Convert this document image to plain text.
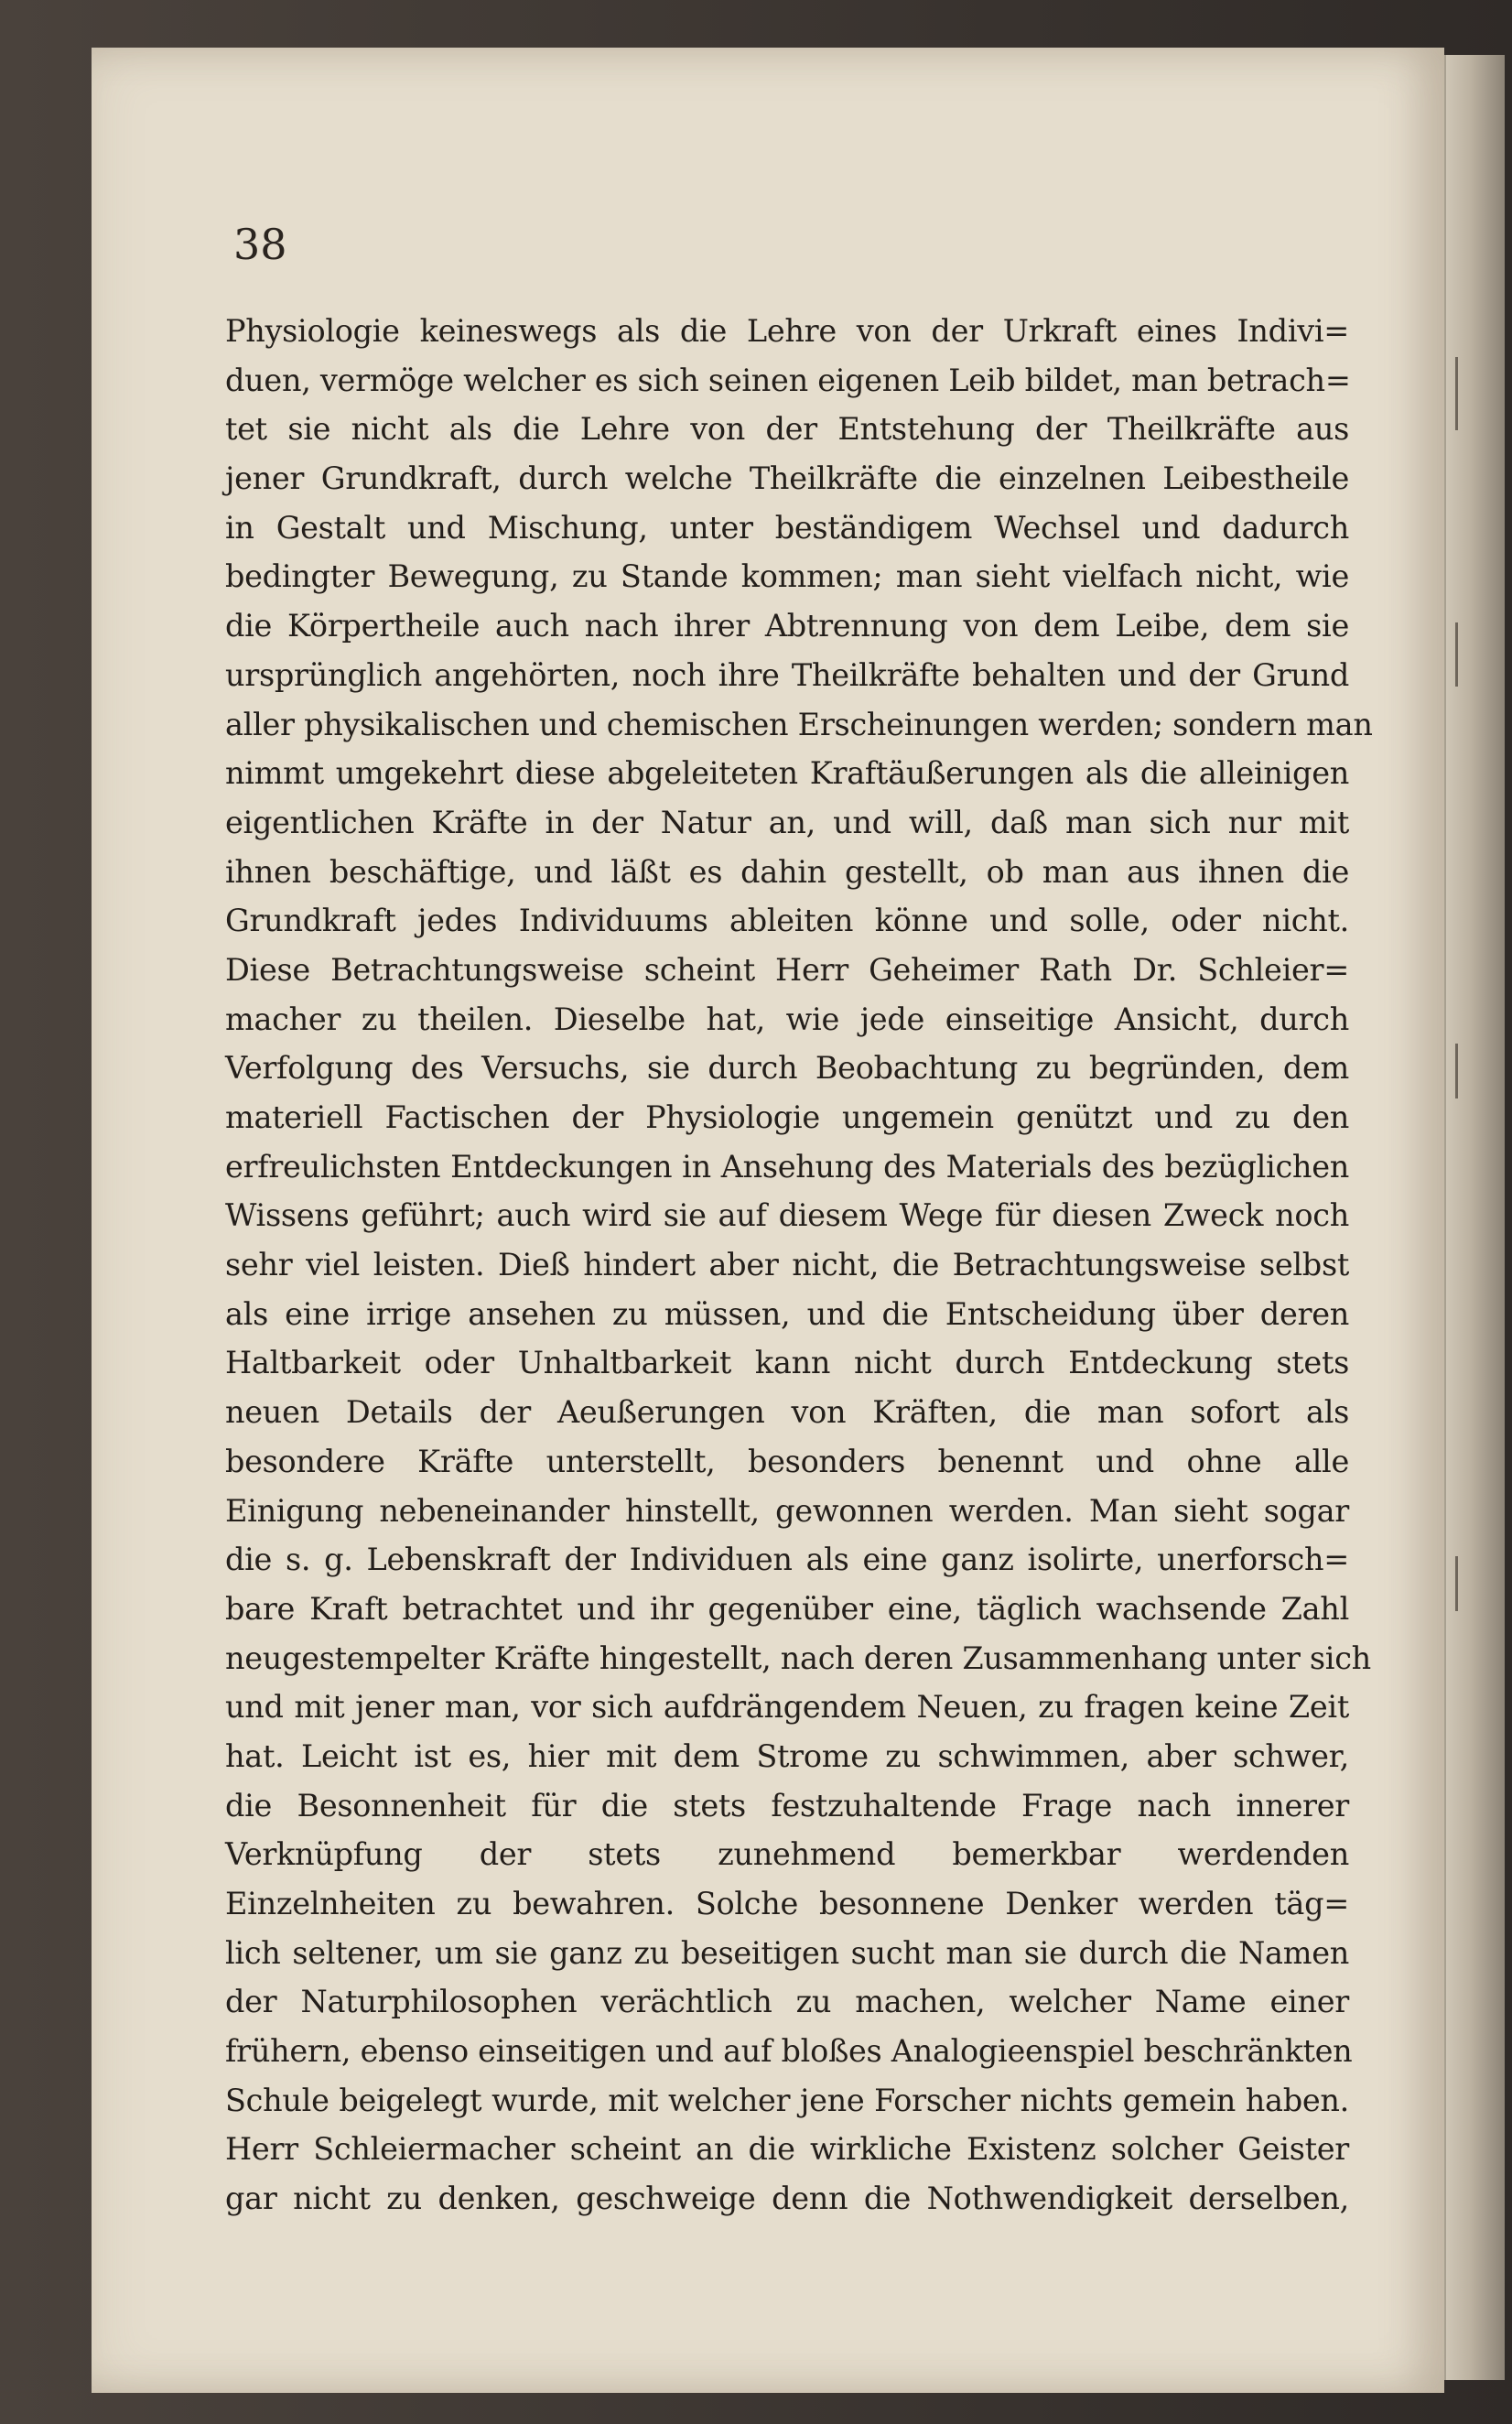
38
Physiologie keineswegs als die Lehre von der Urkraft eines Indivi=
duen, vermöge welcher es sich seinen eigenen Leib bildet, man betrach=
tet sie nicht als die Lehre von der Entstehung der Theilkräfte aus
jener Grundkraft, durch welche Theilkräfte die einzelnen Leibestheile
in Gestalt und Mischung, unter beständigem Wechsel und dadurch
bedingter Bewegung, zu Stande kommen; man sieht vielfach nicht, wie
die Körpertheile auch nach ihrer Abtrennung von dem Leibe, dem sie
ursprünglich angehörten, noch ihre Theilkräfte behalten und der Grund
aller physikalischen und chemischen Erscheinungen werden; sondern man
nimmt umgekehrt diese abgeleiteten Kraftäußerungen als die alleinigen
eigentlichen Kräfte in der Natur an, und will, daß man sich nur mit
ihnen beschäftige, und läßt es dahin gestellt, ob man aus ihnen die
Grundkraft jedes Individuums ableiten könne und solle, oder nicht.
Diese Betrachtungsweise scheint Herr Geheimer Rath Dr. Schleier=
macher zu theilen. Dieselbe hat, wie jede einseitige Ansicht, durch
Verfolgung des Versuchs, sie durch Beobachtung zu begründen, dem
materiell Factischen der Physiologie ungemein genützt und zu den
erfreulichsten Entdeckungen in Ansehung des Materials des bezüglichen
Wissens geführt; auch wird sie auf diesem Wege für diesen Zweck noch
sehr viel leisten. Dieß hindert aber nicht, die Betrachtungsweise selbst
als eine irrige ansehen zu müssen, und die Entscheidung über deren
Haltbarkeit oder Unhaltbarkeit kann nicht durch Entdeckung stets
neuen Details der Aeußerungen von Kräften, die man sofort als
besondere Kräfte unterstellt, besonders benennt und ohne alle
Einigung nebeneinander hinstellt, gewonnen werden. Man sieht sogar
die s. g. Lebenskraft der Individuen als eine ganz isolirte, unerforsch=
bare Kraft betrachtet und ihr gegenüber eine, täglich wachsende Zahl
neugestempelter Kräfte hingestellt, nach deren Zusammenhang unter sich
und mit jener man, vor sich aufdrängendem Neuen, zu fragen keine Zeit
hat. Leicht ist es, hier mit dem Strome zu schwimmen, aber schwer,
die Besonnenheit für die stets festzuhaltende Frage nach innerer
Verknüpfung der stets zunehmend bemerkbar werdenden
Einzelnheiten zu bewahren. Solche besonnene Denker werden täg=
lich seltener, um sie ganz zu beseitigen sucht man sie durch die Namen
der Naturphilosophen verächtlich zu machen, welcher Name einer
frühern, ebenso einseitigen und auf bloßes Analogieenspiel beschränkten
Schule beigelegt wurde, mit welcher jene Forscher nichts gemein haben.
Herr Schleiermacher scheint an die wirkliche Existenz solcher Geister
gar nicht zu denken, geschweige denn die Nothwendigkeit derselben,
